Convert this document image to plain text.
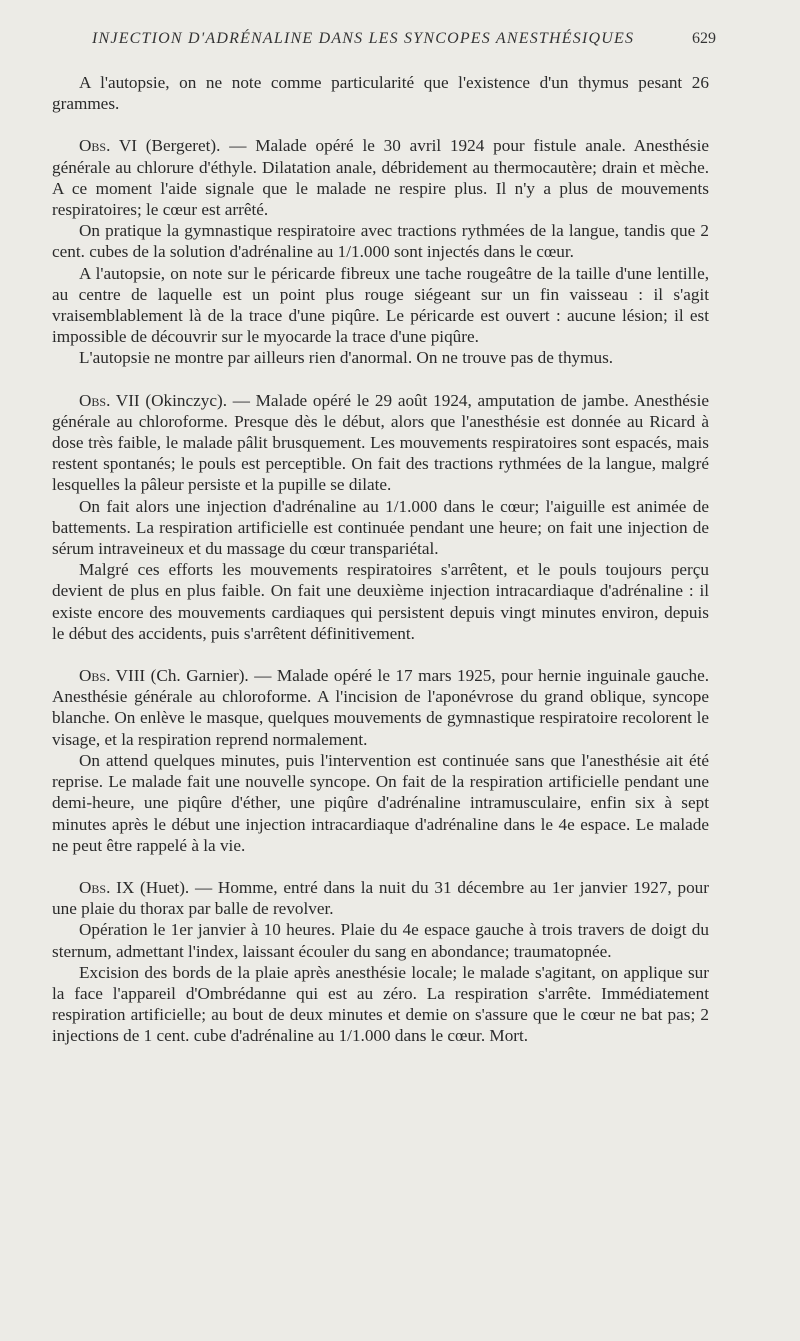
INJECTION D'ADRÉNALINE DANS LES SYNCOPES ANESTHÉSIQUES	629

A l'autopsie, on ne note comme particularité que l'existence d'un thymus pesant 26 grammes.

Obs. VI (Bergeret). — Malade opéré le 30 avril 1924 pour fistule anale. Anesthésie générale au chlorure d'éthyle. Dilatation anale, débridement au thermocautère; drain et mèche. A ce moment l'aide signale que le malade ne respire plus. Il n'y a plus de mouvements respiratoires; le cœur est arrêté.

On pratique la gymnastique respiratoire avec tractions rythmées de la langue, tandis que 2 cent. cubes de la solution d'adrénaline au 1/1.000 sont injectés dans le cœur.

A l'autopsie, on note sur le péricarde fibreux une tache rougeâtre de la taille d'une lentille, au centre de laquelle est un point plus rouge siégeant sur un fin vaisseau : il s'agit vraisemblablement là de la trace d'une piqûre. Le péricarde est ouvert : aucune lésion; il est impossible de découvrir sur le myocarde la trace d'une piqûre.

L'autopsie ne montre par ailleurs rien d'anormal. On ne trouve pas de thymus.

Obs. VII (Okinczyc). — Malade opéré le 29 août 1924, amputation de jambe. Anesthésie générale au chloroforme. Presque dès le début, alors que l'anesthésie est donnée au Ricard à dose très faible, le malade pâlit brusquement. Les mouvements respiratoires sont espacés, mais restent spontanés; le pouls est perceptible. On fait des tractions rythmées de la langue, malgré lesquelles la pâleur persiste et la pupille se dilate.

On fait alors une injection d'adrénaline au 1/1.000 dans le cœur; l'aiguille est animée de battements. La respiration artificielle est continuée pendant une heure; on fait une injection de sérum intraveineux et du massage du cœur transpariétal.

Malgré ces efforts les mouvements respiratoires s'arrêtent, et le pouls toujours perçu devient de plus en plus faible. On fait une deuxième injection intracardiaque d'adrénaline : il existe encore des mouvements cardiaques qui persistent depuis vingt minutes environ, depuis le début des accidents, puis s'arrêtent définitivement.

Obs. VIII (Ch. Garnier). — Malade opéré le 17 mars 1925, pour hernie inguinale gauche. Anesthésie générale au chloroforme. A l'incision de l'aponévrose du grand oblique, syncope blanche. On enlève le masque, quelques mouvements de gymnastique respiratoire recolorent le visage, et la respiration reprend normalement.

On attend quelques minutes, puis l'intervention est continuée sans que l'anesthésie ait été reprise. Le malade fait une nouvelle syncope. On fait de la respiration artificielle pendant une demi-heure, une piqûre d'éther, une piqûre d'adrénaline intramusculaire, enfin six à sept minutes après le début une injection intracardiaque d'adrénaline dans le 4e espace. Le malade ne peut être rappelé à la vie.

Obs. IX (Huet). — Homme, entré dans la nuit du 31 décembre au 1er janvier 1927, pour une plaie du thorax par balle de revolver.

Opération le 1er janvier à 10 heures. Plaie du 4e espace gauche à trois travers de doigt du sternum, admettant l'index, laissant écouler du sang en abondance; traumatopnée.

Excision des bords de la plaie après anesthésie locale; le malade s'agitant, on applique sur la face l'appareil d'Ombrédanne qui est au zéro. La respiration s'arrête. Immédiatement respiration artificielle; au bout de deux minutes et demie on s'assure que le cœur ne bat pas; 2 injections de 1 cent. cube d'adrénaline au 1/1.000 dans le cœur. Mort.
